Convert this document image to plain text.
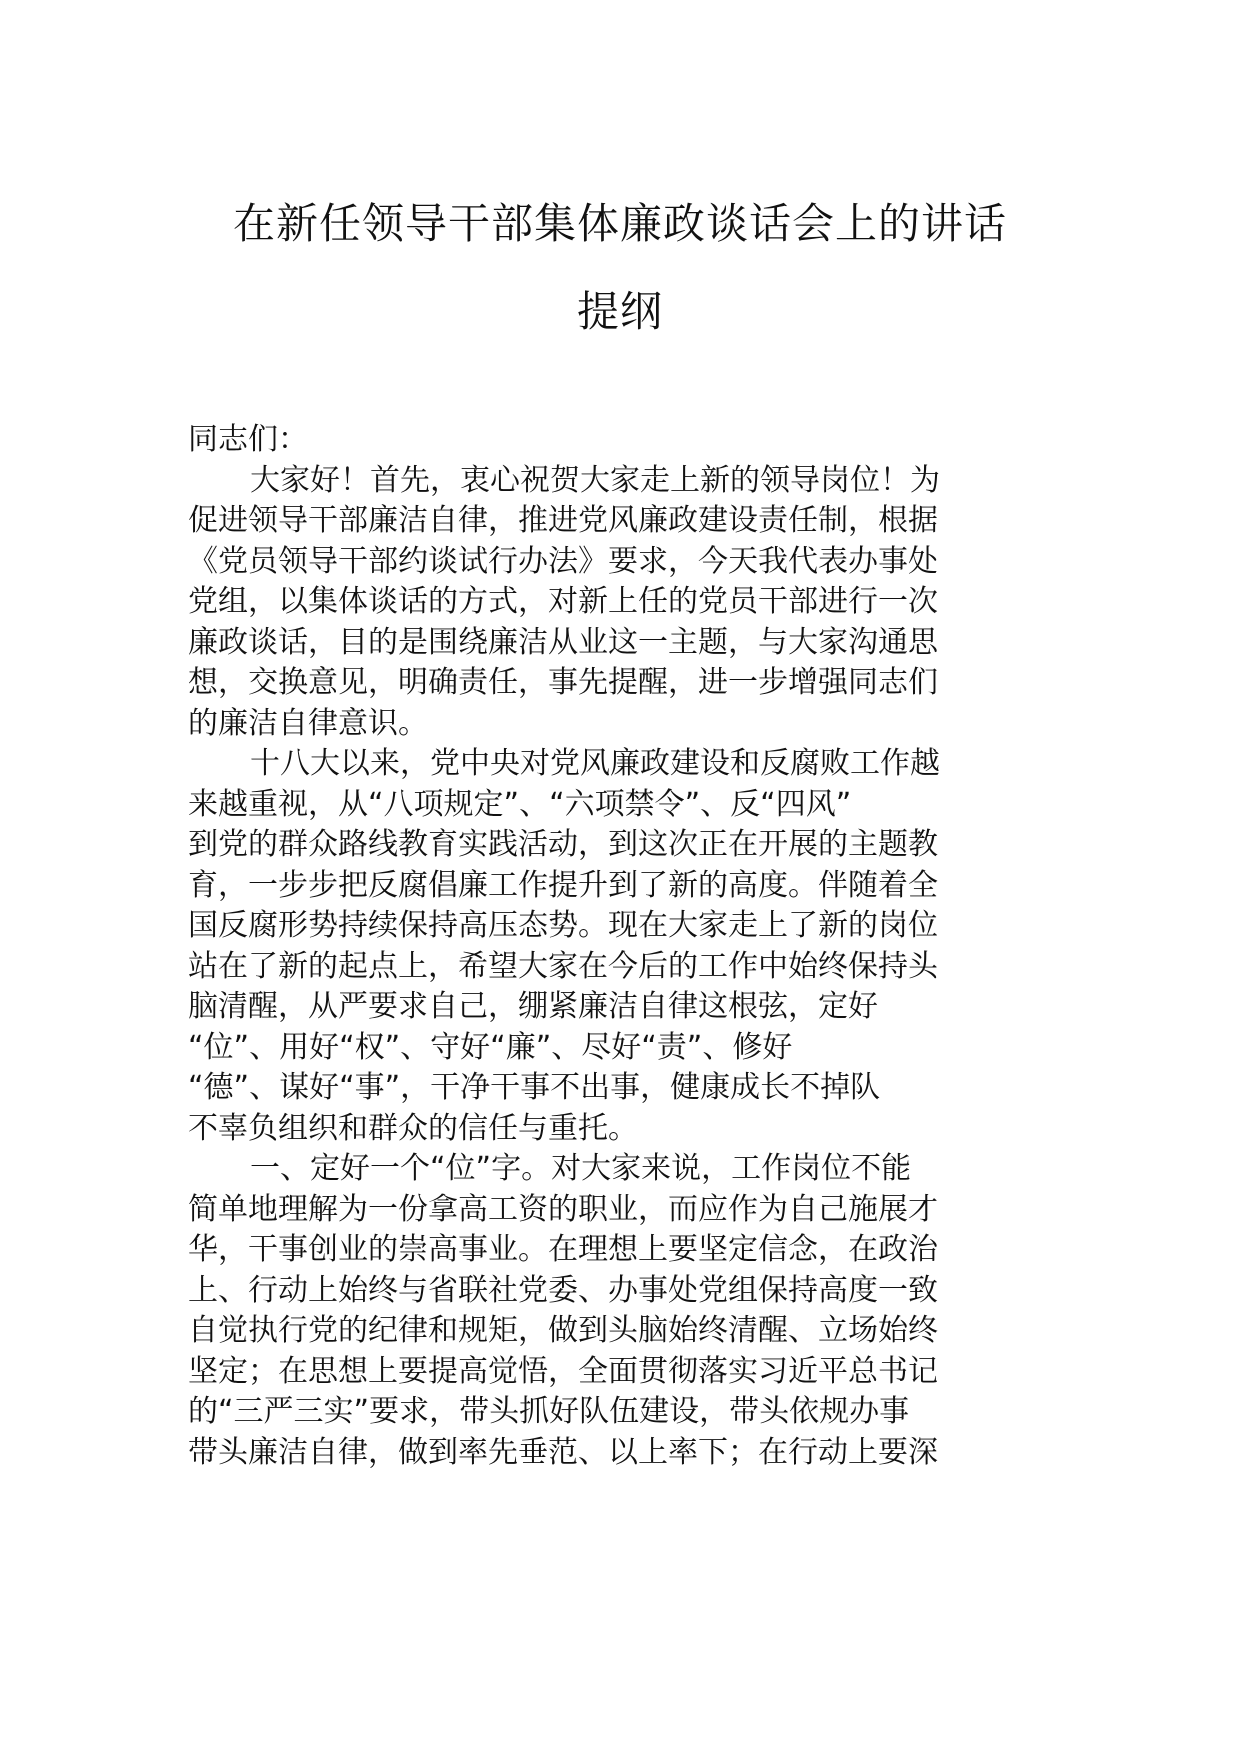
在新任领导干部集体廉政谈话会上的讲话
提纲
同志们：
大家好！首先，衷心祝贺大家走上新的领导岗位！为
促进领导干部廉洁自律，推进党风廉政建设责任制，根据
《党员领导干部约谈试行办法》要求，今天我代表办事处
党组，以集体谈话的方式，对新上任的党员干部进行一次
廉政谈话，目的是围绕廉洁从业这一主题，与大家沟通思
想，交换意见，明确责任，事先提醒，进一步增强同志们
的廉洁自律意识。
十八大以来，党中央对党风廉政建设和反腐败工作越
来越重视，从“八项规定”、“六项禁令”、反“四风”
到党的群众路线教育实践活动，到这次正在开展的主题教
育，一步步把反腐倡廉工作提升到了新的高度。伴随着全
国反腐形势持续保持高压态势。现在大家走上了新的岗位
站在了新的起点上，希望大家在今后的工作中始终保持头
脑清醒，从严要求自己，绷紧廉洁自律这根弦，定好
“位”、用好“权”、守好“廉”、尽好“责”、修好
“德”、谋好“事”，干净干事不出事，健康成长不掉队
不辜负组织和群众的信任与重托。
一、定好一个“位”字。对大家来说，工作岗位不能
简单地理解为一份拿高工资的职业，而应作为自己施展才
华，干事创业的崇高事业。在理想上要坚定信念，在政治
上、行动上始终与省联社党委、办事处党组保持高度一致
自觉执行党的纪律和规矩，做到头脑始终清醒、立场始终
坚定；在思想上要提高觉悟，全面贯彻落实习近平总书记
的“三严三实”要求，带头抓好队伍建设，带头依规办事
带头廉洁自律，做到率先垂范、以上率下；在行动上要深
